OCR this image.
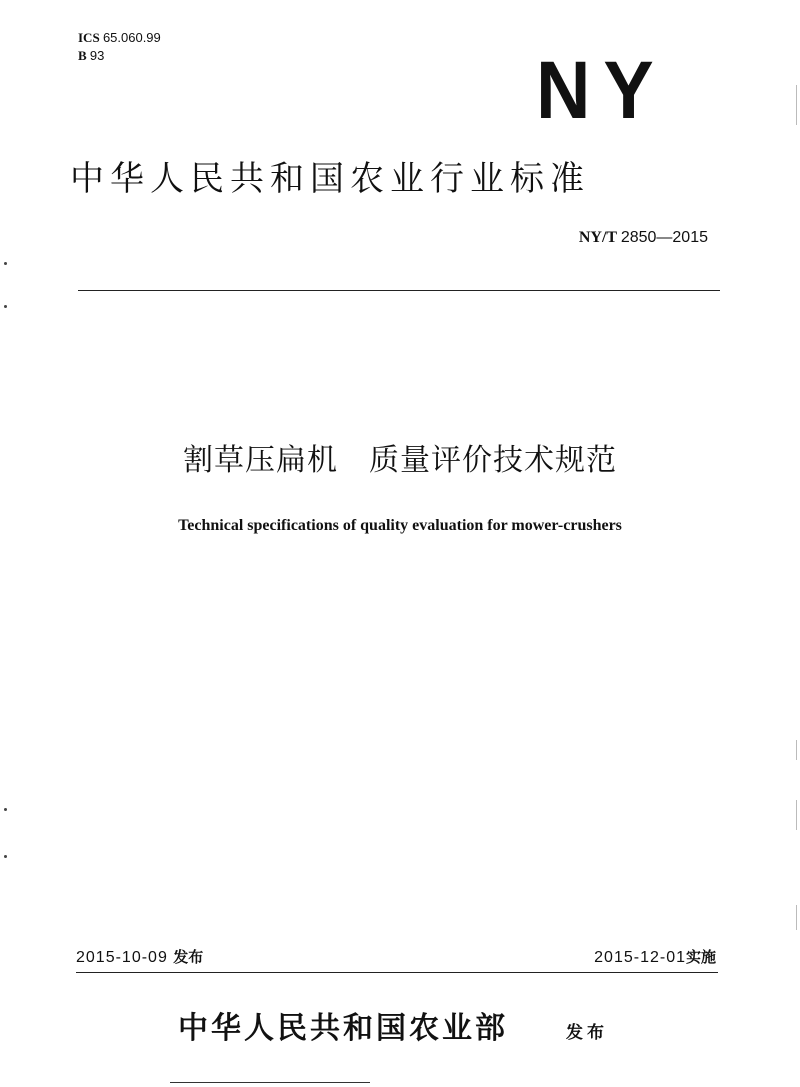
ICS 65.060.99
B 93	NY
中华人民共和国农业行业标准
NY/T 2850—2015
割草压扁机　质量评价技术规范
Technical specifications of quality evaluation for mower-crushers
2015-10-09 发布	2015-12-01实施
中华人民共和国农业部	发布
